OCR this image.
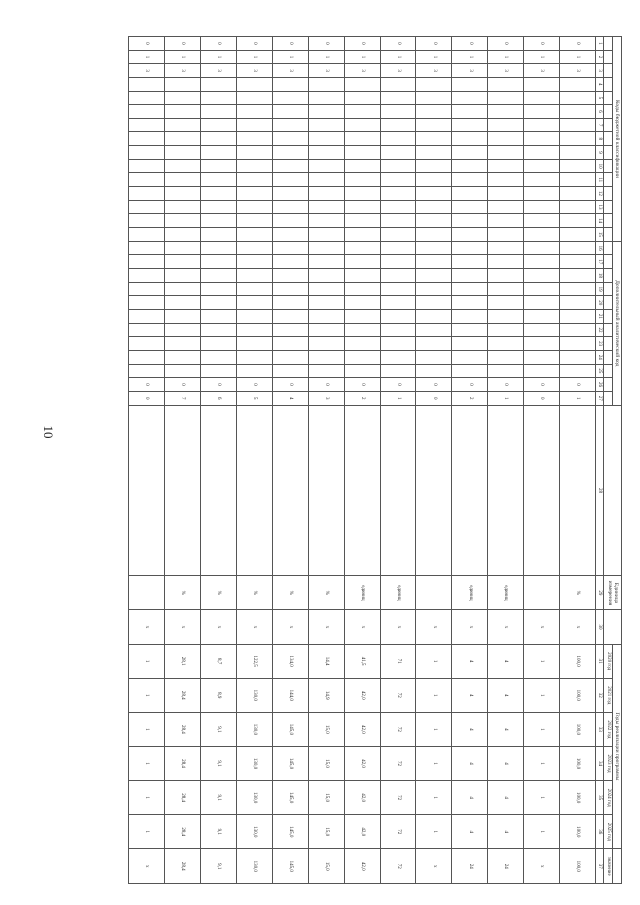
10
Коды бюджетной классификации															Дополнительный аналитический код													Единица измерения		Годы реализации программы						
																														2020 год	2021 год	2022 год	2023 год	2024 год	2025 год	значение
1	2	3	4	5	6	7	8	9	10	11	12	13	14	15	16	17	18	19	20	21	22	23	24	25	26	27	28	29	30	31	32	33	34	35	36	37
0	1	3																							0	1		%	х	100,0	100,0	100,0	100,0	100,0	100,0	100,0
0	1	3																							0	0			х	1	1	1	1	1	1	х
0	1	3																							0	1		единиц	х	4	4	4	4	4	4	24
0	1	3																							0	2		единиц	х	4	4	4	4	4	4	24
0	1	3																							0	0			х	1	1	1	1	1	1	х
0	1	3																							0	1		единиц	х	71	72	72	72	72	72	72
0	1	3																							0	2		единиц	х	41,5	42,0	42,0	42,0	42,0	42,0	42,0
0	1	3																							0	3		%	х	14,4	14,9	15,0	15,0	15,0	15,0	15,0
0	1	3																							0	4		%	х	134,0	144,0	145,0	145,0	145,0	145,0	145,0
0	1	3																							0	5		%	х	122,5	130,0	130,0	130,0	130,0	130,0	130,0
0	1	3																							0	6		%	х	8,7	8,9	9,1	9,1	9,1	9,1	9,1
0	1	3																							0	7		%	х	28,1	28,4	28,4	28,4	28,4	28,4	28,4
0	1	3																							0	0			х	1	1	1	1	1	1	х
